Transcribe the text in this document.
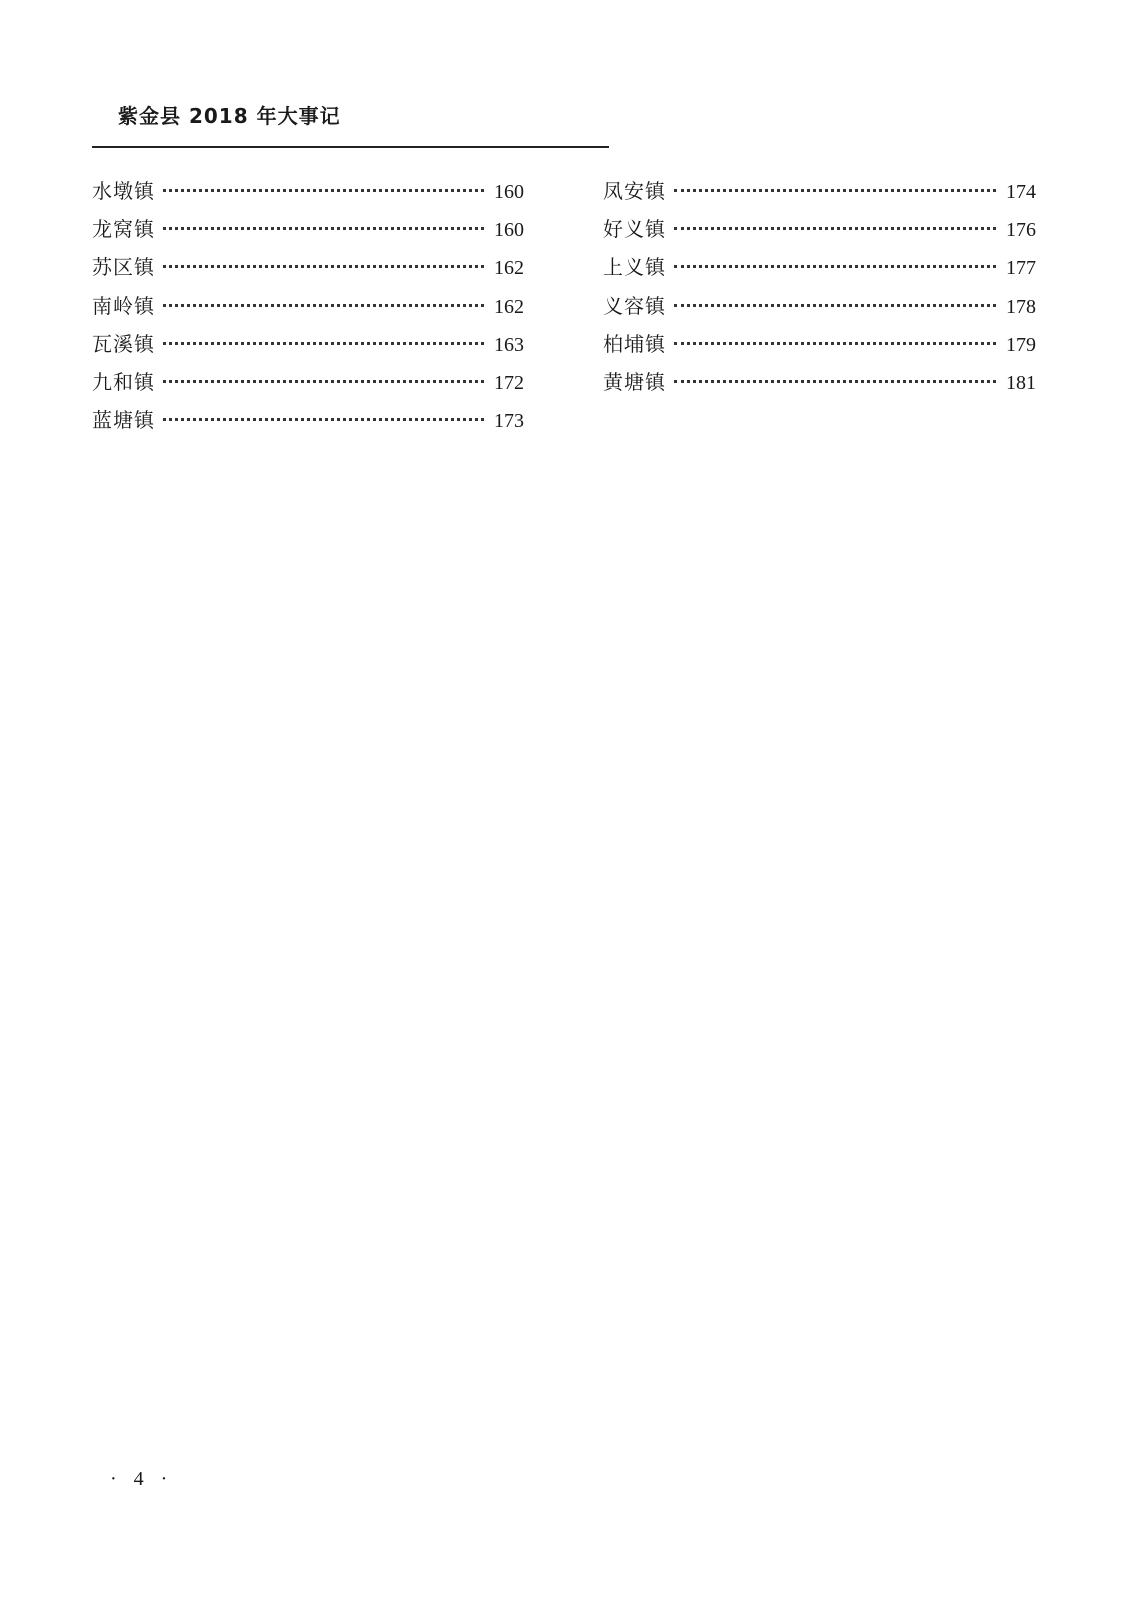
紫金县 2018 年大事记
水墩镇	160
龙窝镇	160
苏区镇	162
南岭镇	162
瓦溪镇	163
九和镇	172
蓝塘镇	173
凤安镇	174
好义镇	176
上义镇	177
义容镇	178
柏埔镇	179
黄塘镇	181
· 4 ·
